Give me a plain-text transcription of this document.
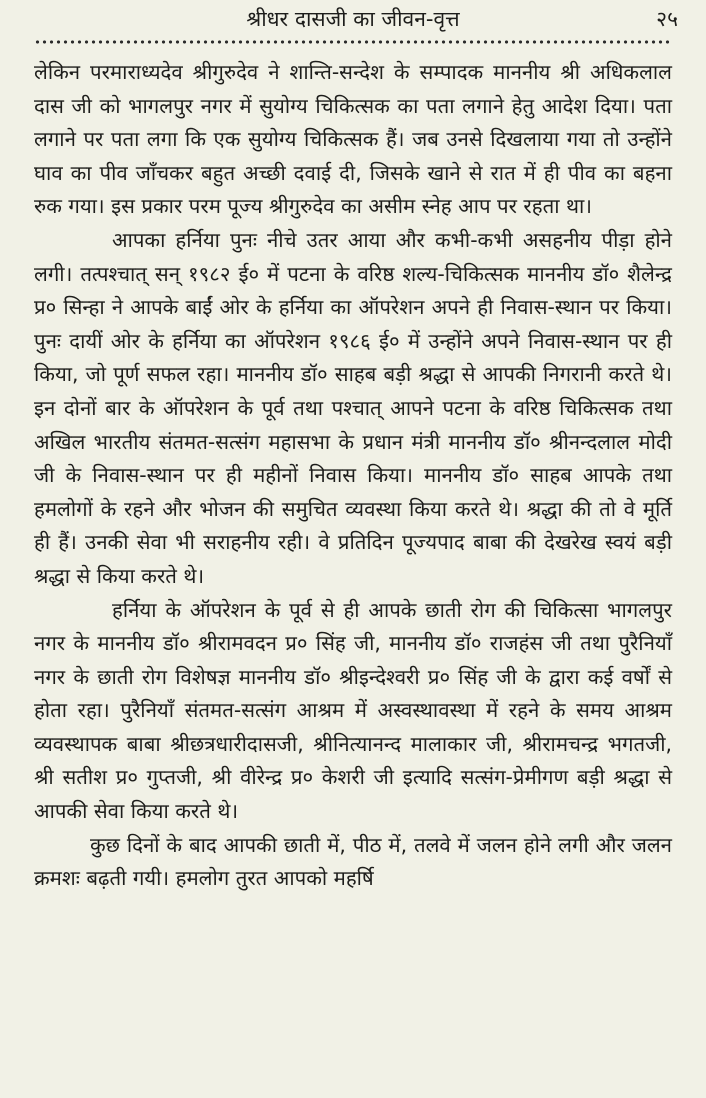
श्रीधर दासजी का जीवन-वृत्त	२५

लेकिन परमाराध्यदेव श्रीगुरुदेव ने शान्ति-सन्देश के सम्पादक माननीय श्री अधिकलाल दास जी को भागलपुर नगर में सुयोग्य चिकित्सक का पता लगाने हेतु आदेश दिया। पता लगाने पर पता लगा कि एक सुयोग्य चिकित्सक हैं। जब उनसे दिखलाया गया तो उन्होंने घाव का पीव जाँचकर बहुत अच्छी दवाई दी, जिसके खाने से रात में ही पीव का बहना रुक गया। इस प्रकार परम पूज्य श्रीगुरुदेव का असीम स्नेह आप पर रहता था।

आपका हर्निया पुनः नीचे उतर आया और कभी-कभी असहनीय पीड़ा होने लगी। तत्पश्चात् सन् १९८२ ई० में पटना के वरिष्ठ शल्य-चिकित्सक माननीय डॉ० शैलेन्द्र प्र० सिन्हा ने आपके बाईं ओर के हर्निया का ऑपरेशन अपने ही निवास-स्थान पर किया। पुनः दायीं ओर के हर्निया का ऑपरेशन १९८६ ई० में उन्होंने अपने निवास-स्थान पर ही किया, जो पूर्ण सफल रहा। माननीय डॉ० साहब बड़ी श्रद्धा से आपकी निगरानी करते थे। इन दोनों बार के ऑपरेशन के पूर्व तथा पश्चात् आपने पटना के वरिष्ठ चिकित्सक तथा अखिल भारतीय संतमत-सत्संग महासभा के प्रधान मंत्री माननीय डॉ० श्रीनन्दलाल मोदी जी के निवास-स्थान पर ही महीनों निवास किया। माननीय डॉ० साहब आपके तथा हमलोगों के रहने और भोजन की समुचित व्यवस्था किया करते थे। श्रद्धा की तो वे मूर्ति ही हैं। उनकी सेवा भी सराहनीय रही। वे प्रतिदिन पूज्यपाद बाबा की देखरेख स्वयं बड़ी श्रद्धा से किया करते थे।

हर्निया के ऑपरेशन के पूर्व से ही आपके छाती रोग की चिकित्सा भागलपुर नगर के माननीय डॉ० श्रीरामवदन प्र० सिंह जी, माननीय डॉ० राजहंस जी तथा पुरैनियाँ नगर के छाती रोग विशेषज्ञ माननीय डॉ० श्रीइन्देश्वरी प्र० सिंह जी के द्वारा कई वर्षों से होता रहा। पुरैनियाँ संतमत-सत्संग आश्रम में अस्वस्थावस्था में रहने के समय आश्रम व्यवस्थापक बाबा श्रीछत्रधारीदासजी, श्रीनित्यानन्द मालाकार जी, श्रीरामचन्द्र भगतजी, श्री सतीश प्र० गुप्तजी, श्री वीरेन्द्र प्र० केशरी जी इत्यादि सत्संग-प्रेमीगण बड़ी श्रद्धा से आपकी सेवा किया करते थे।

कुछ दिनों के बाद आपकी छाती में, पीठ में, तलवे में जलन होने लगी और जलन क्रमशः बढ़ती गयी। हमलोग तुरत आपको महर्षि
